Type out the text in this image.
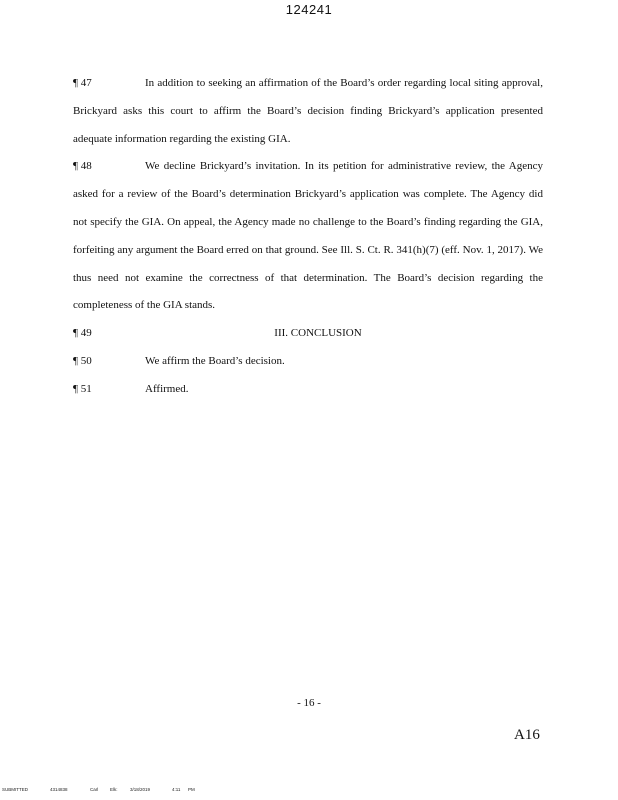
124241
¶ 47	In addition to seeking an affirmation of the Board’s order regarding local siting approval, Brickyard asks this court to affirm the Board’s decision finding Brickyard’s application presented adequate information regarding the existing GIA.
¶ 48	We decline Brickyard’s invitation. In its petition for administrative review, the Agency asked for a review of the Board’s determination Brickyard’s application was complete. The Agency did not specify the GIA. On appeal, the Agency made no challenge to the Board’s finding regarding the GIA, forfeiting any argument the Board erred on that ground. See Ill. S. Ct. R. 341(h)(7) (eff. Nov. 1, 2017). We thus need not examine the correctness of that determination. The Board’s decision regarding the completeness of the GIA stands.
¶ 49	III. CONCLUSION
¶ 50	We affirm the Board’s decision.
¶ 51	Affirmed.
- 16 -
A16
SUBMITTED	4314838	Carl	Elk:	3/18/2019	4:11 PM
